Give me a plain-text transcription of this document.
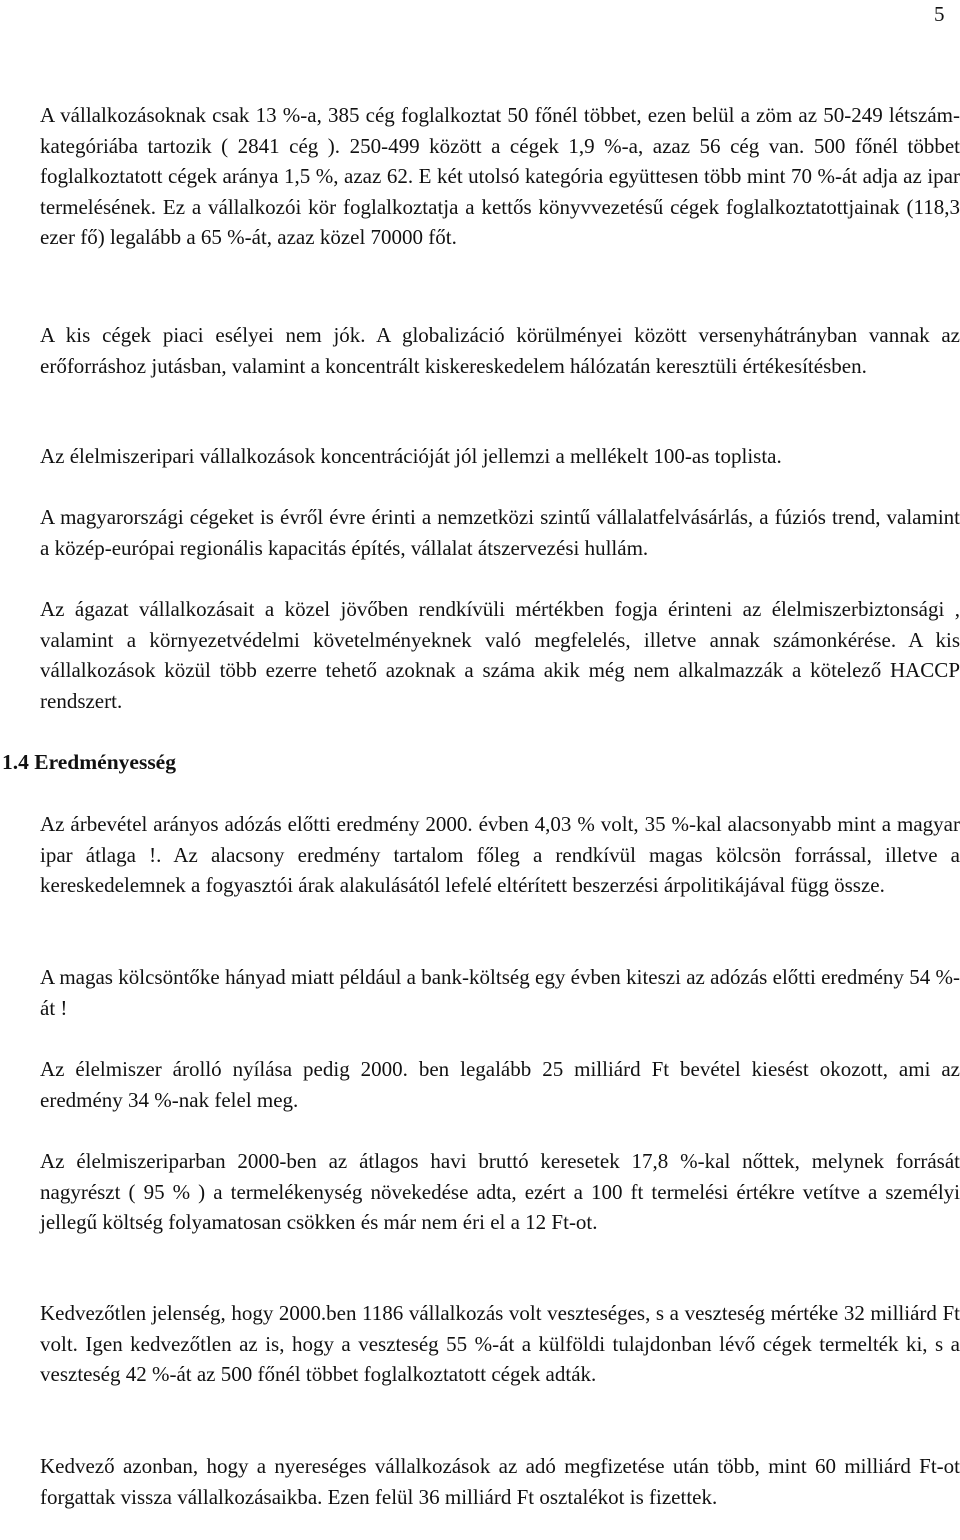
5

A vállalkozásoknak csak 13 %-a, 385 cég foglalkoztat 50 főnél többet, ezen belül a zöm az 50-249 létszám-kategóriába tartozik ( 2841 cég ). 250-499 között a cégek 1,9 %-a, azaz 56 cég van. 500 főnél többet foglalkoztatott cégek aránya 1,5 %, azaz 62. E két utolsó kategória együttesen több mint 70 %-át adja az ipar termelésének. Ez a vállalkozói kör foglalkoztatja a kettős könyvvezetésű cégek foglalkoztatottjainak (118,3 ezer fő) legalább a 65 %-át, azaz közel 70000 főt.

A kis cégek piaci esélyei nem jók. A globalizáció körülményei között versenyhátrányban vannak az erőforráshoz jutásban, valamint a koncentrált kiskereskedelem hálózatán keresztüli értékesítésben.

Az élelmiszeripari vállalkozások koncentrációját jól jellemzi a mellékelt 100-as toplista.

A magyarországi cégeket is évről évre érinti a nemzetközi szintű vállalatfelvásárlás, a fúziós trend, valamint a közép-európai regionális kapacitás építés, vállalat átszervezési hullám.

Az ágazat vállalkozásait a közel jövőben rendkívüli mértékben fogja érinteni az élelmiszerbiztonsági , valamint a környezetvédelmi követelményeknek való megfelelés, illetve annak számonkérése. A kis vállalkozások közül több ezerre tehető azoknak a száma akik még nem alkalmazzák a kötelező HACCP rendszert.

1.4 Eredményesség

Az árbevétel arányos adózás előtti eredmény 2000. évben 4,03 % volt, 35 %-kal alacsonyabb mint a magyar ipar átlaga !. Az alacsony eredmény tartalom főleg a rendkívül magas kölcsön forrással, illetve a kereskedelemnek a fogyasztói árak alakulásától lefelé eltérített beszerzési árpolitikájával függ össze.

A magas kölcsöntőke hányad miatt például a bank-költség egy évben kiteszi az adózás előtti eredmény 54 %-át !

Az élelmiszer árolló nyílása pedig 2000. ben legalább 25 milliárd Ft bevétel kiesést okozott, ami az eredmény 34 %-nak felel meg.

Az élelmiszeriparban 2000-ben az átlagos havi bruttó keresetek 17,8 %-kal nőttek, melynek forrását nagyrészt ( 95 % ) a termelékenység növekedése adta, ezért a 100 ft termelési értékre vetítve a személyi jellegű költség folyamatosan csökken és már nem éri el a 12 Ft-ot.

Kedvezőtlen jelenség, hogy 2000.ben 1186 vállalkozás volt veszteséges, s a veszteség mértéke 32 milliárd Ft volt. Igen kedvezőtlen az is, hogy a veszteség 55 %-át a külföldi tulajdonban lévő cégek termelték ki, s a veszteség 42 %-át az 500 főnél többet foglalkoztatott cégek adták.

Kedvező azonban, hogy a nyereséges vállalkozások az adó megfizetése után több, mint 60 milliárd Ft-ot forgattak vissza vállalkozásaikba. Ezen felül 36 milliárd Ft osztalékot is fizettek.
